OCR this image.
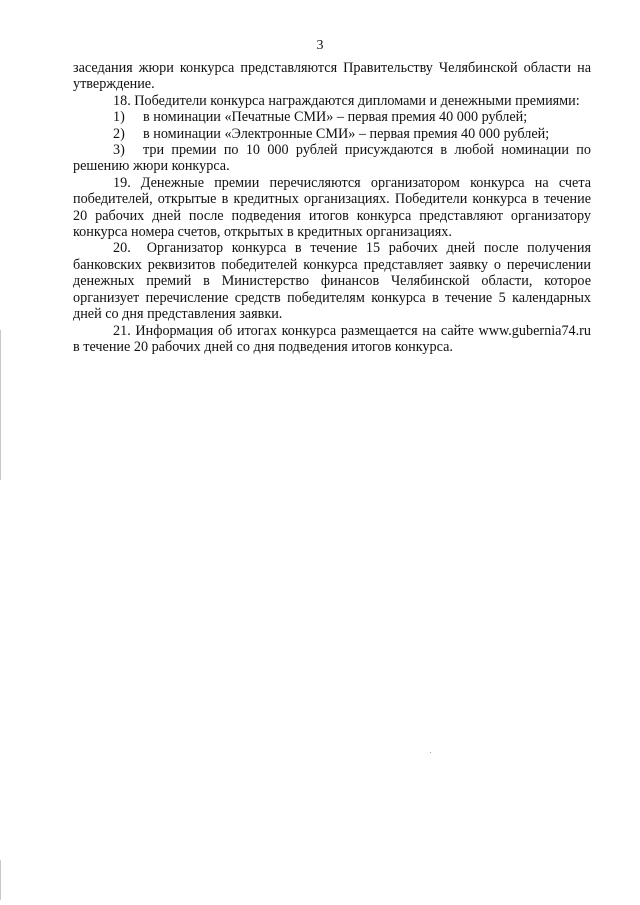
3

заседания жюри конкурса представляются Правительству Челябинской области на утверждение.

18. Победители конкурса награждаются дипломами и денежными премиями:

1) в номинации «Печатные СМИ» – первая премия 40 000 рублей;

2) в номинации «Электронные СМИ» – первая премия 40 000 рублей;

3) три премии по 10 000 рублей присуждаются в любой номинации по решению жюри конкурса.

19. Денежные премии перечисляются организатором конкурса на счета победителей, открытые в кредитных организациях. Победители конкурса в течение 20 рабочих дней после подведения итогов конкурса представляют организатору конкурса номера счетов, открытых в кредитных организациях.

20. Организатор конкурса в течение 15 рабочих дней после получения банковских реквизитов победителей конкурса представляет заявку о перечислении денежных премий в Министерство финансов Челябинской области, которое организует перечисление средств победителям конкурса в течение 5 календарных дней со дня представления заявки.

21. Информация об итогах конкурса размещается на сайте www.gubernia74.ru в течение 20 рабочих дней со дня подведения итогов конкурса.
